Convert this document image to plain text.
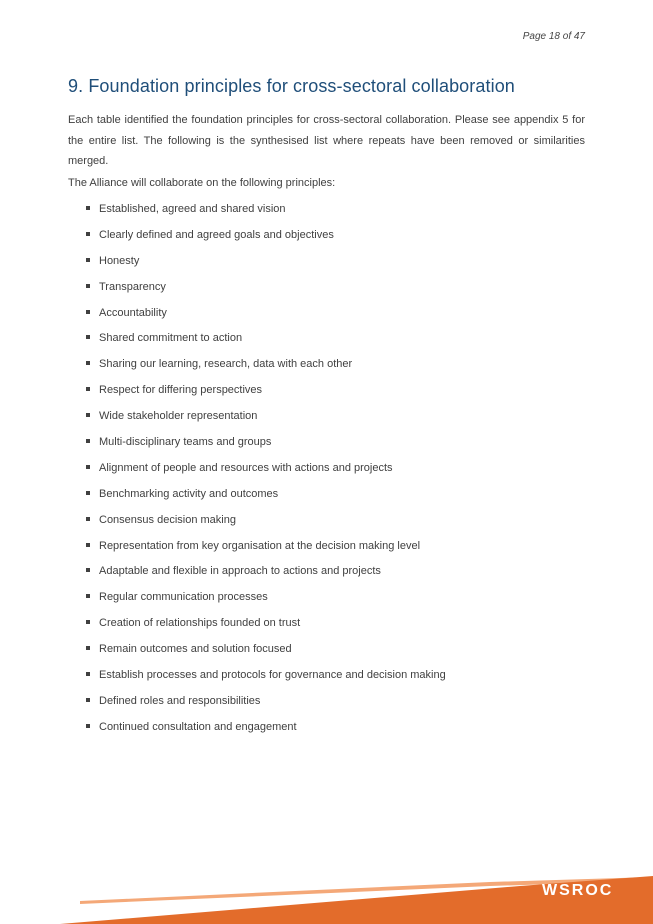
Page 18 of 47
9. Foundation principles for cross-sectoral collaboration

Each table identified the foundation principles for cross-sectoral collaboration. Please see appendix 5 for the entire list. The following is the synthesised list where repeats have been removed or similarities merged.

The Alliance will collaborate on the following principles:

Established, agreed and shared vision
Clearly defined and agreed goals and objectives
Honesty
Transparency
Accountability
Shared commitment to action
Sharing our learning, research, data with each other
Respect for differing perspectives
Wide stakeholder representation
Multi-disciplinary teams and groups
Alignment of people and resources with actions and projects
Benchmarking activity and outcomes
Consensus decision making
Representation from key organisation at the decision making level
Adaptable and flexible in approach to actions and projects
Regular communication processes
Creation of relationships founded on trust
Remain outcomes and solution focused
Establish processes and protocols for governance and decision making
Defined roles and responsibilities
Continued consultation and engagement
WSROC
